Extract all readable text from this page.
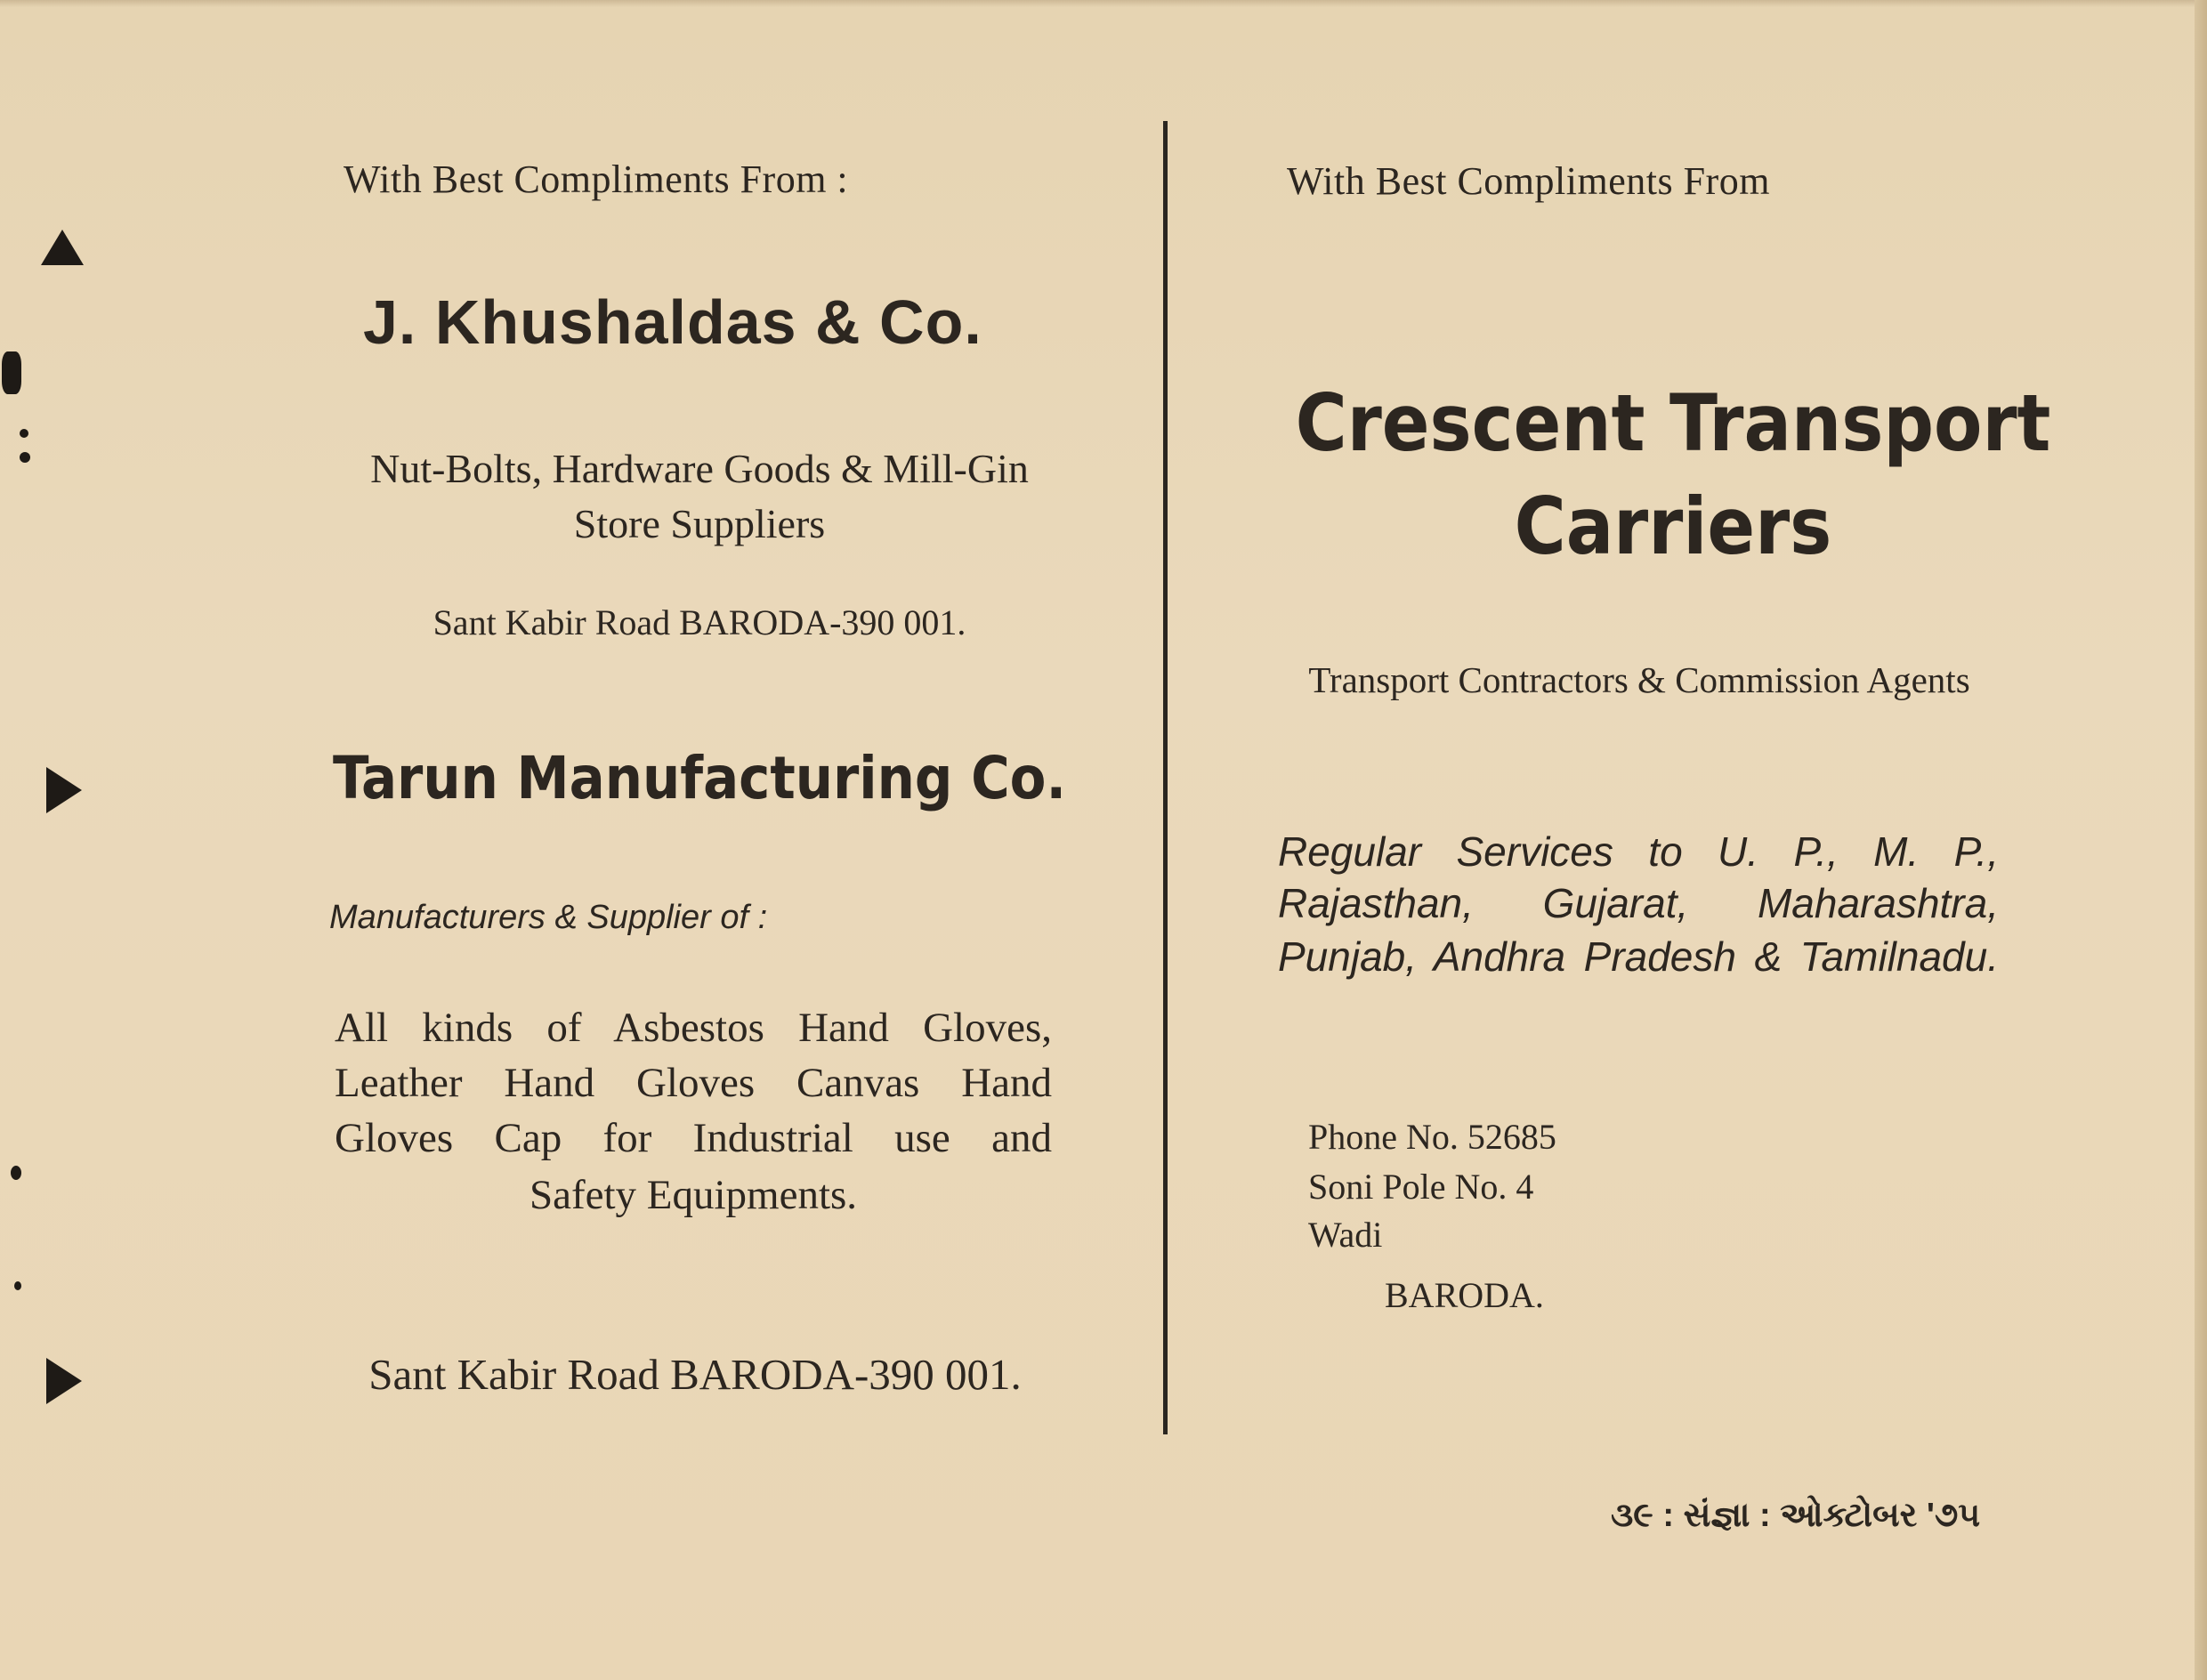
With Best Compliments From :
J. Khushaldas & Co.
Nut-Bolts, Hardware Goods & Mill-Gin
Store Suppliers
Sant Kabir Road BARODA-390 001.
Tarun Manufacturing Co.
Manufacturers & Supplier of :
All kinds of Asbestos Hand Gloves,
Leather Hand Gloves Canvas Hand
Gloves Cap for Industrial use and
Safety Equipments.
Sant Kabir Road BARODA-390 001.
With Best Compliments From
Crescent Transport
Carriers
Transport Contractors & Commission Agents
Regular Services to U. P., M. P.,
Rajasthan, Gujarat, Maharashtra,
Punjab, Andhra Pradesh & Tamilnadu.
Phone No. 52685
Soni Pole No. 4
Wadi
BARODA.
૩૯ : સંજ્ઞા : ઓક્ટોબર '૭૫
